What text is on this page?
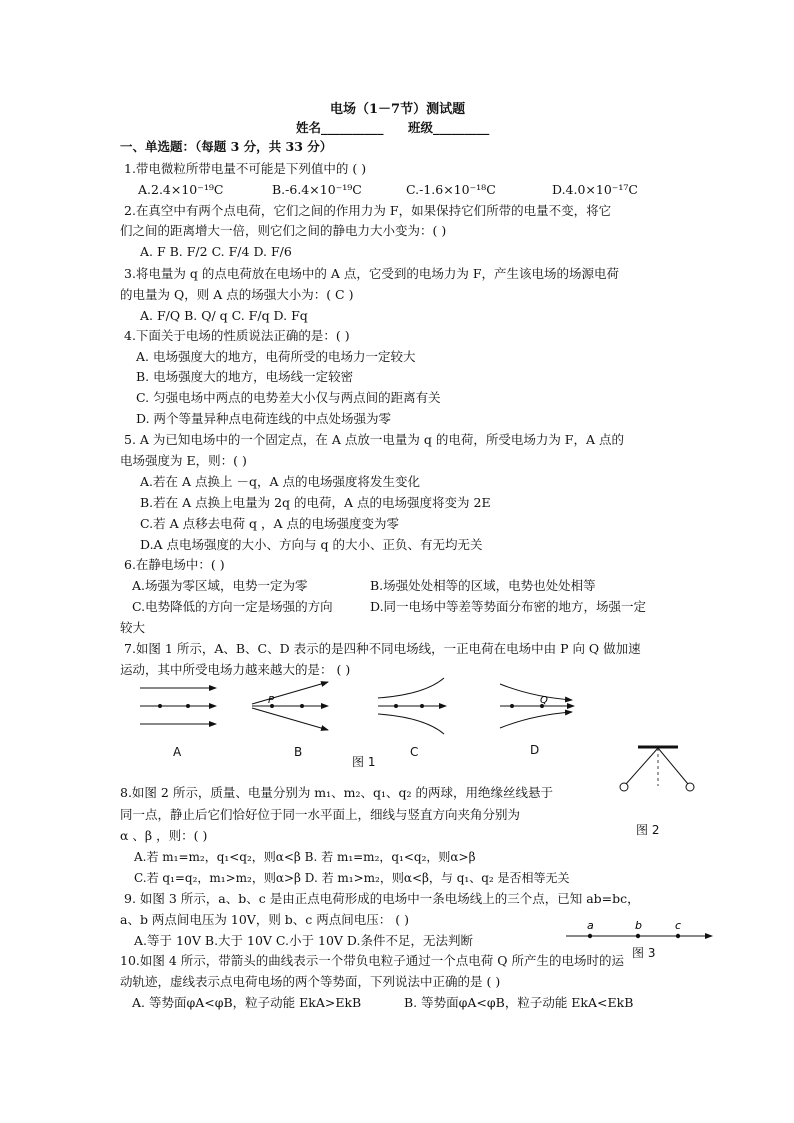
电场（1－7节）测试题
姓名__________ 班级_________
一、单选题：（每题 3 分，共 33 分）
1.带电微粒所带电量不可能是下列值中的 ( )
A.2.4×10⁻¹⁹C	B.-6.4×10⁻¹⁹C	C.-1.6×10⁻¹⁸C	D.4.0×10⁻¹⁷C
2.在真空中有两个点电荷，它们之间的作用力为 F，如果保持它们所带的电量不变，将它
们之间的距离增大一倍，则它们之间的静电力大小变为：( )
A. F B. F/2 C. F/4 D. F/6
3.将电量为 q 的点电荷放在电场中的 A 点，它受到的电场力为 F，产生该电场的场源电荷
的电量为 Q，则 A 点的场强大小为：( C )
A. F/Q B. Q/ q C. F/q D. Fq
4.下面关于电场的性质说法正确的是：( )
A. 电场强度大的地方，电荷所受的电场力一定较大
B. 电场强度大的地方，电场线一定较密
C. 匀强电场中两点的电势差大小仅与两点间的距离有关
D. 两个等量异种点电荷连线的中点处场强为零
5. A 为已知电场中的一个固定点，在 A 点放一电量为 q 的电荷，所受电场力为 F，A 点的
电场强度为 E，则：( )
A.若在 A 点换上 －q，A 点的电场强度将发生变化
B.若在 A 点换上电量为 2q 的电荷，A 点的电场强度将变为 2E
C.若 A 点移去电荷 q ，A 点的电场强度变为零
D.A 点电场强度的大小、方向与 q 的大小、正负、有无均无关
6.在静电场中：( )
A.场强为零区域，电势一定为零	B.场强处处相等的区域，电势也处处相等
C.电势降低的方向一定是场强的方向	D.同一电场中等差等势面分布密的地方，场强一定
较大
7.如图 1 所示，A、B、C、D 表示的是四种不同电场线，一正电荷在电场中由 P 向 Q 做加速
运动，其中所受电场力越来越大的是： ( )
P	Q
A	B	C	D
图 1
8.如图 2 所示，质量、电量分别为 m₁、m₂、q₁、q₂ 的两球，用绝缘丝线悬于
同一点，静止后它们恰好位于同一水平面上，细线与竖直方向夹角分别为
α 、β ，则：( )	图 2
A.若 m₁=m₂，q₁<q₂，则α<β B. 若 m₁=m₂，q₁<q₂，则α>β
C.若 q₁=q₂，m₁>m₂，则α>β D. 若 m₁>m₂，则α<β，与 q₁、q₂ 是否相等无关
9. 如图 3 所示，a、b、c 是由正点电荷形成的电场中一条电场线上的三个点，已知 ab=bc，
a、b 两点间电压为 10V，则 b、c 两点间电压： ( )
A.等于 10V B.大于 10V C.小于 10V D.条件不足，无法判断
a	b	c
图 3
10.如图 4 所示，带箭头的曲线表示一个带负电粒子通过一个点电荷 Q 所产生的电场时的运
动轨迹，虚线表示点电荷电场的两个等势面，下列说法中正确的是 ( )
A. 等势面φA<φB，粒子动能 EkA>EkB	B. 等势面φA<φB，粒子动能 EkA<EkB
